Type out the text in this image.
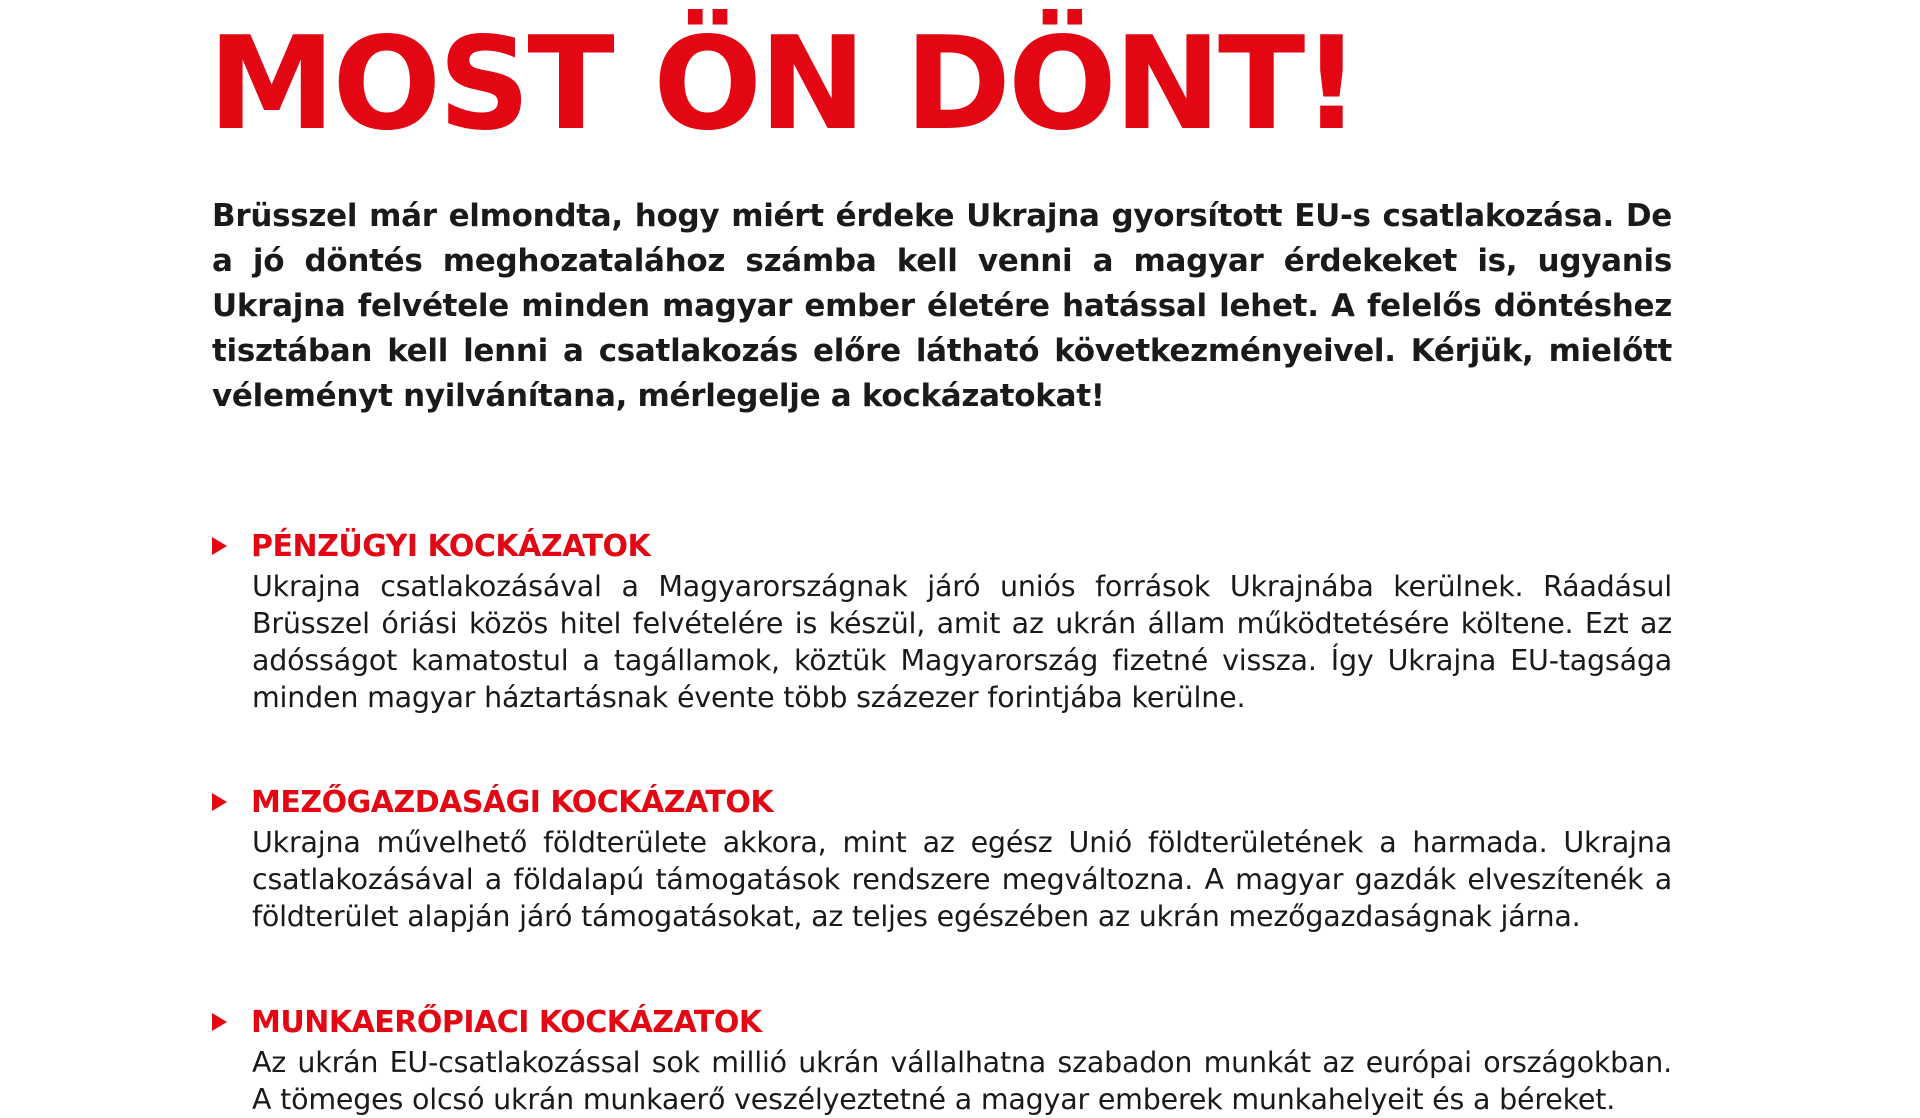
MOST ÖN DÖNT!

Brüsszel már elmondta, hogy miért érdeke Ukrajna gyorsított EU-s csatlakozása. De a jó döntés meghozatalához számba kell venni a magyar érdekeket is, ugyanis Ukrajna felvétele minden magyar ember életére hatással lehet. A felelős döntéshez tisztában kell lenni a csatlakozás előre látható következményeivel. Kérjük, mielőtt véleményt nyilvánítana, mérlegelje a kockázatokat!

PÉNZÜGYI KOCKÁZATOK

Ukrajna csatlakozásával a Magyarországnak járó uniós források Ukrajnába kerülnek. Ráadásul Brüsszel óriási közös hitel felvételére is készül, amit az ukrán állam működtetésére költene. Ezt az adósságot kamatostul a tagállamok, köztük Magyarország fizetné vissza. Így Ukrajna EU-tagsága minden magyar háztartásnak évente több százezer forintjába kerülne.

MEZŐGAZDASÁGI KOCKÁZATOK

Ukrajna művelhető földterülete akkora, mint az egész Unió földterületének a harmada. Ukrajna csatlakozásával a földalapú támogatások rendszere megváltozna. A magyar gazdák elveszítenék a földterület alapján járó támogatásokat, az teljes egészében az ukrán mezőgazdaságnak járna.

MUNKAERŐPIACI KOCKÁZATOK

Az ukrán EU-csatlakozással sok millió ukrán vállalhatna szabadon munkát az európai országokban. A tömeges olcsó ukrán munkaerő veszélyeztetné a magyar emberek munkahelyeit és a béreket.
